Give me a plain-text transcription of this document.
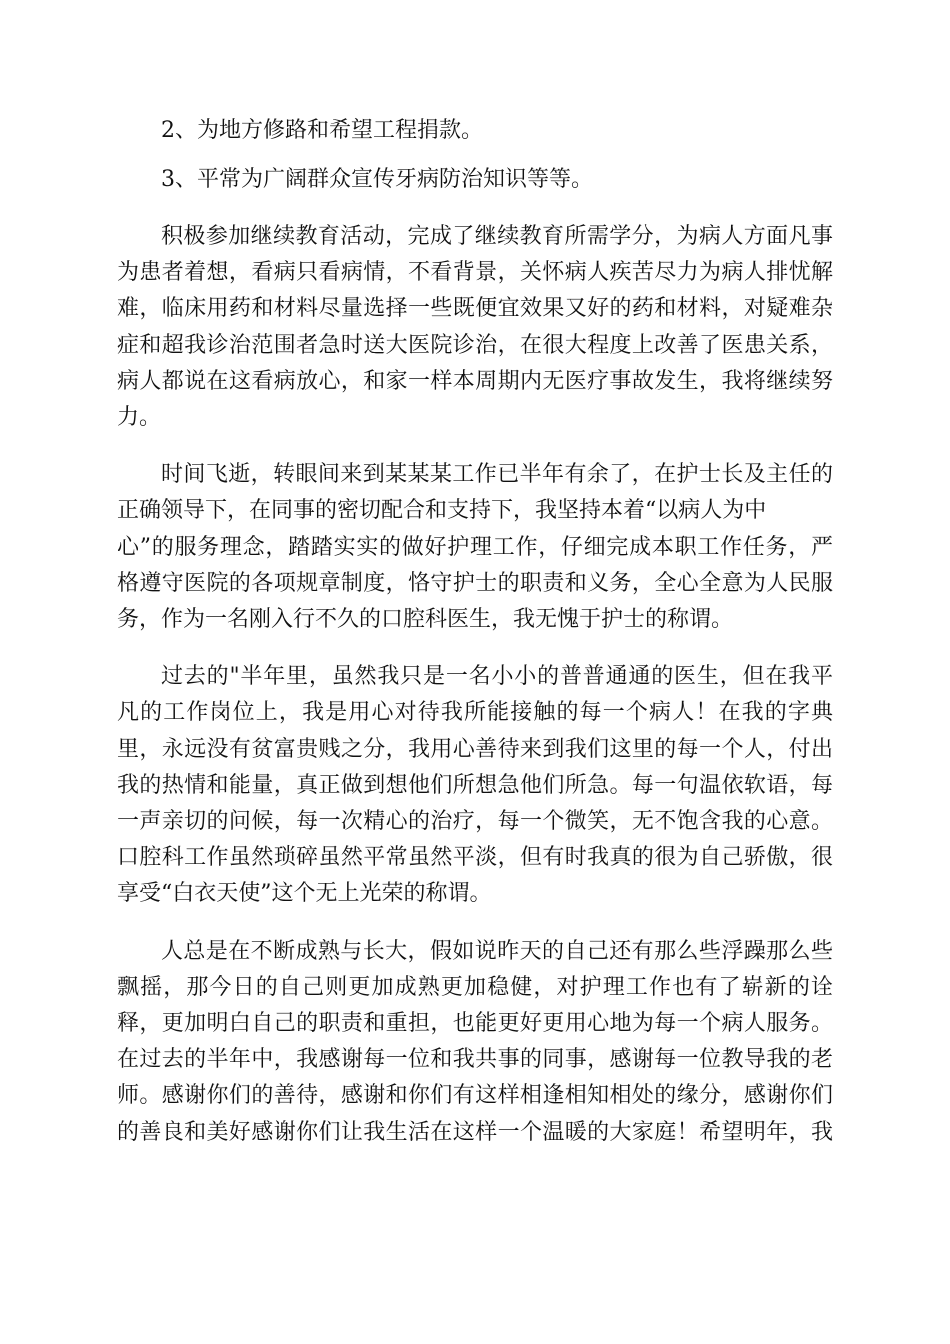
2、为地方修路和希望工程捐款。
3、平常为广阔群众宣传牙病防治知识等等。
积极参加继续教育活动，完成了继续教育所需学分，为病人方面凡事
为患者着想，看病只看病情，不看背景，关怀病人疾苦尽力为病人排忧解
难，临床用药和材料尽量选择一些既便宜效果又好的药和材料，对疑难杂
症和超我诊治范围者急时送大医院诊治，在很大程度上改善了医患关系，
病人都说在这看病放心，和家一样本周期内无医疗事故发生，我将继续努
力。
时间飞逝，转眼间来到某某某工作已半年有余了，在护士长及主任的
正确领导下，在同事的密切配合和支持下，我坚持本着“以病人为中
心”的服务理念，踏踏实实的做好护理工作，仔细完成本职工作任务，严
格遵守医院的各项规章制度，恪守护士的职责和义务，全心全意为人民服
务，作为一名刚入行不久的口腔科医生，我无愧于护士的称谓。
过去的"半年里，虽然我只是一名小小的普普通通的医生，但在我平
凡的工作岗位上，我是用心对待我所能接触的每一个病人！在我的字典
里，永远没有贫富贵贱之分，我用心善待来到我们这里的每一个人，付出
我的热情和能量，真正做到想他们所想急他们所急。每一句温依软语，每
一声亲切的问候，每一次精心的治疗，每一个微笑，无不饱含我的心意。
口腔科工作虽然琐碎虽然平常虽然平淡，但有时我真的很为自己骄傲，很
享受“白衣天使”这个无上光荣的称谓。
人总是在不断成熟与长大，假如说昨天的自己还有那么些浮躁那么些
飘摇，那今日的自己则更加成熟更加稳健，对护理工作也有了崭新的诠
释，更加明白自己的职责和重担，也能更好更用心地为每一个病人服务。
在过去的半年中，我感谢每一位和我共事的同事，感谢每一位教导我的老
师。感谢你们的善待，感谢和你们有这样相逢相知相处的缘分，感谢你们
的善良和美好感谢你们让我生活在这样一个温暖的大家庭！希望明年，我
